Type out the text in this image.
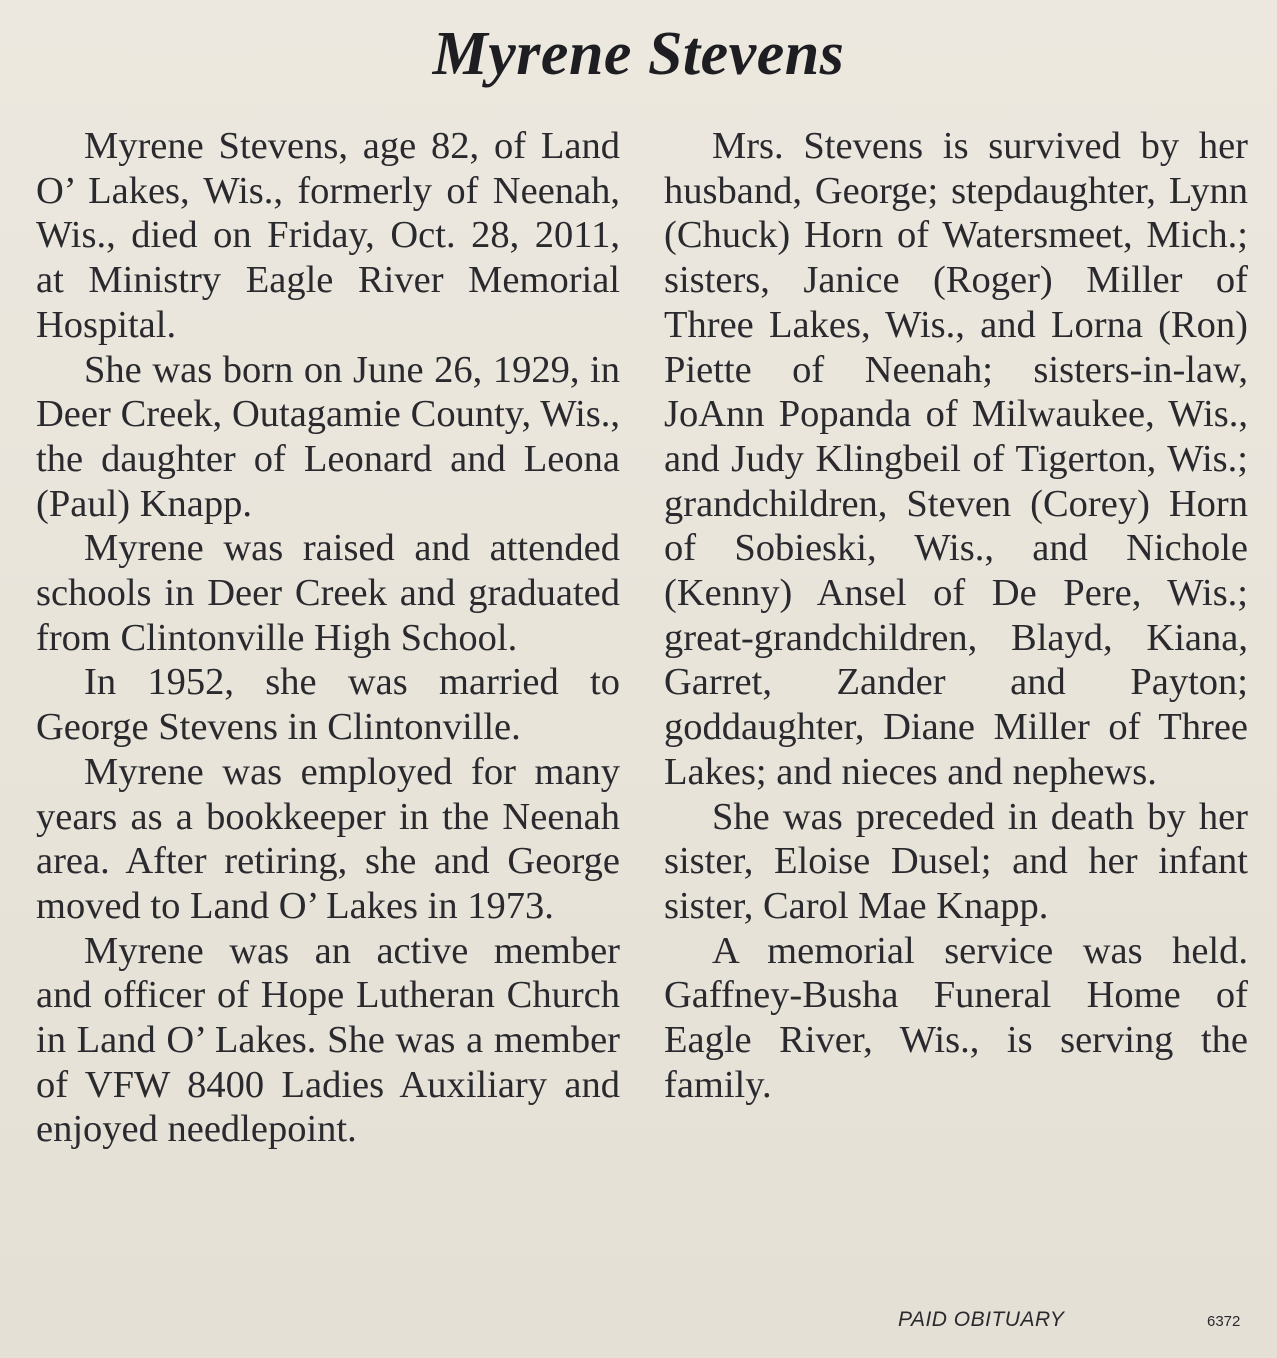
Myrene Stevens

Myrene Stevens, age 82, of Land O’ Lakes, Wis., formerly of Neenah, Wis., died on Friday, Oct. 28, 2011, at Ministry Eagle River Memorial Hospital.

She was born on June 26, 1929, in Deer Creek, Outagamie County, Wis., the daughter of Leonard and Leona (Paul) Knapp.

Myrene was raised and attended schools in Deer Creek and graduated from Clintonville High School.

In 1952, she was married to George Stevens in Clintonville.

Myrene was employed for many years as a bookkeeper in the Neenah area. After retiring, she and George moved to Land O’ Lakes in 1973.

Myrene was an active member and officer of Hope Lutheran Church in Land O’ Lakes. She was a member of VFW 8400 Ladies Auxiliary and enjoyed needlepoint.

Mrs. Stevens is survived by her husband, George; stepdaughter, Lynn (Chuck) Horn of Watersmeet, Mich.; sisters, Janice (Roger) Miller of Three Lakes, Wis., and Lorna (Ron) Piette of Neenah; sisters-in-law, JoAnn Popanda of Milwaukee, Wis., and Judy Klingbeil of Tigerton, Wis.; grandchildren, Steven (Corey) Horn of Sobieski, Wis., and Nichole (Kenny) Ansel of De Pere, Wis.; great-grandchildren, Blayd, Kiana, Garret, Zander and Payton; goddaughter, Diane Miller of Three Lakes; and nieces and nephews.

She was preceded in death by her sister, Eloise Dusel; and her infant sister, Carol Mae Knapp.

A memorial service was held. Gaffney-Busha Funeral Home of Eagle River, Wis., is serving the family.

PAID OBITUARY	6372
